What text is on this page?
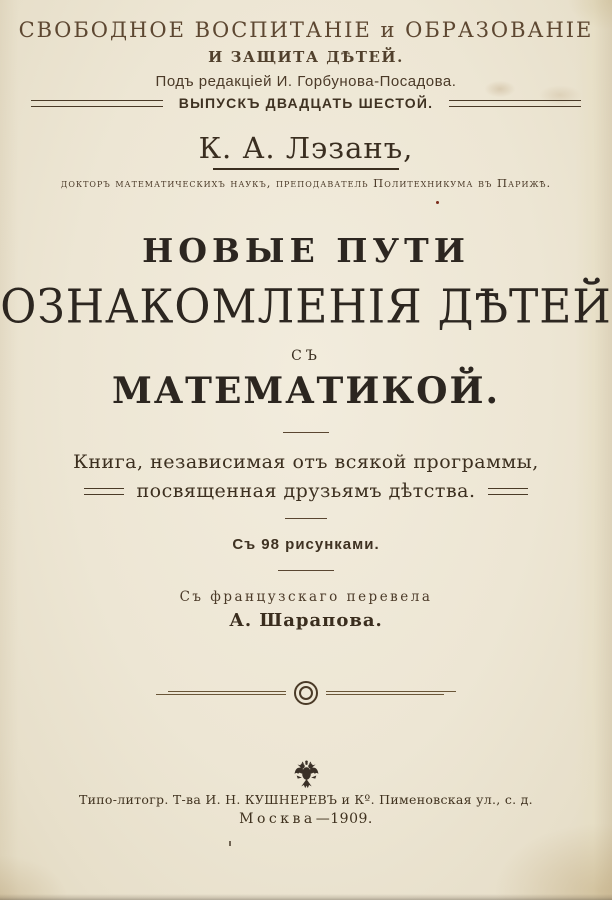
СВОБОДНОЕ ВОСПИТАНІЕ и ОБРАЗОВАНІЕ
И ЗАЩИТА ДѢТЕЙ.
Подъ редакціей И. Горбунова-Посадова.
ВЫПУСКЪ ДВАДЦАТЬ ШЕСТОЙ.
К. А. Лэзанъ,
докторъ математическихъ наукъ, преподаватель Политехникума въ Парижѣ.
НОВЫЕ ПУТИ
ОЗНАКОМЛЕНІЯ ДѢТЕЙ
СЪ
МАТЕМАТИКОЙ.
Книга, независимая отъ всякой программы,
посвященная друзьямъ дѣтства.
Съ 98 рисунками.
Съ французскаго перевела
А. Шарапова.
Типо-литогр. Т-ва И. Н. КУШНЕРЕВЪ и Кº. Пименовская ул., с. д.
Москва—1909.
